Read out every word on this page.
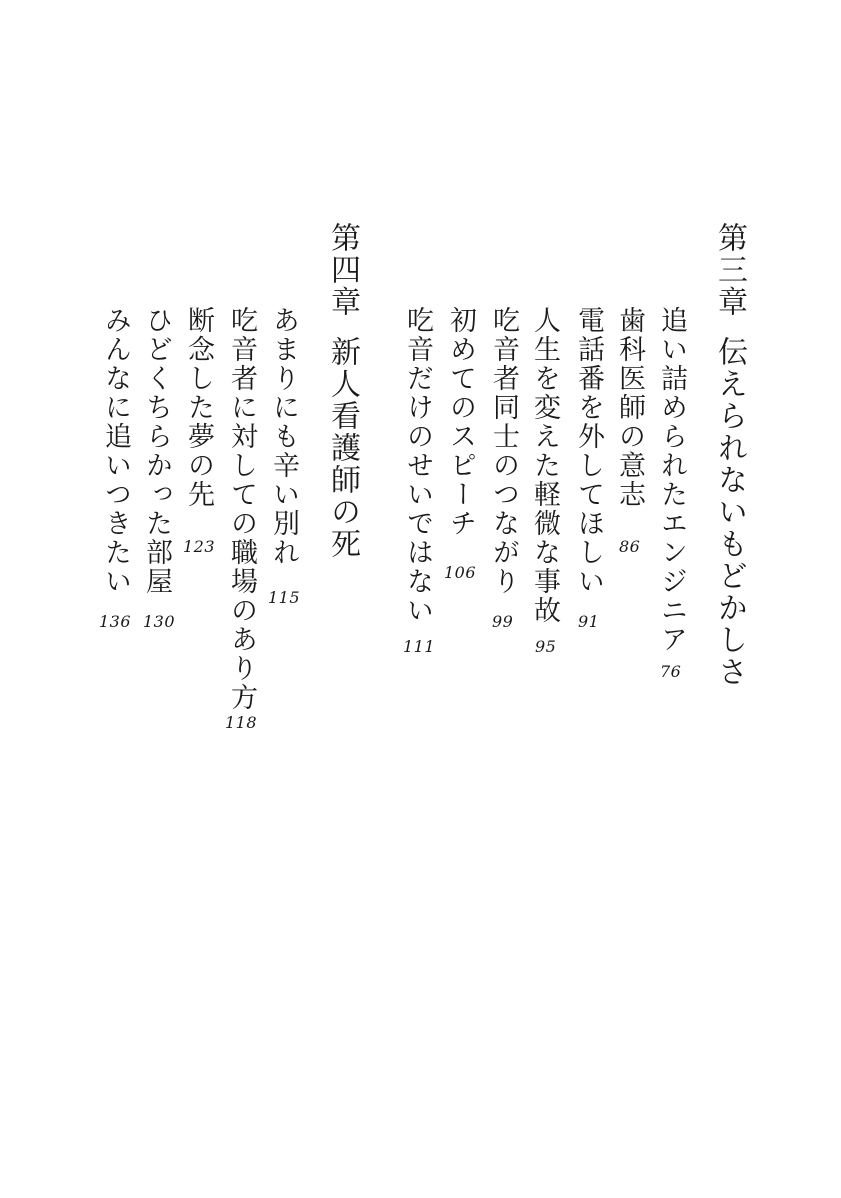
第三章
伝えられないもどかしさ
追い詰められたエンジニア
76
歯科医師の意志
86
電話番を外してほしい
91
人生を変えた軽微な事故
95
吃音者同士のつながり
99
初めてのスピーチ
106
吃音だけのせいではない
111
第四章
新人看護師の死
あまりにも辛い別れ
115
吃音者に対しての職場のあり方
118
断念した夢の先
123
ひどくちらかった部屋
130
みんなに追いつきたい
136
